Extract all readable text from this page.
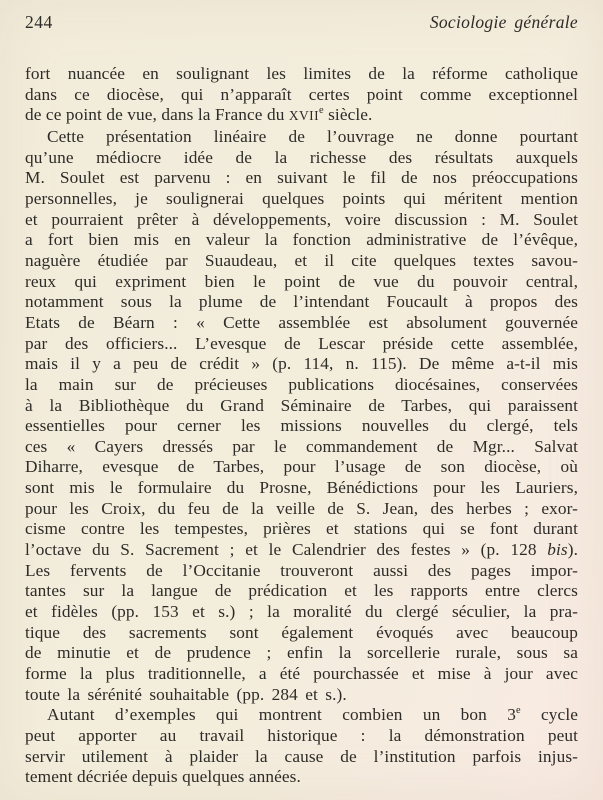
244	Sociologie générale
fort nuancée en soulignant les limites de la réforme catholique
dans ce diocèse, qui n’apparaît certes point comme exceptionnel
de ce point de vue, dans la France du XVIIe siècle.
Cette présentation linéaire de l’ouvrage ne donne pourtant
qu’une médiocre idée de la richesse des résultats auxquels
M. Soulet est parvenu : en suivant le fil de nos préoccupations
personnelles, je soulignerai quelques points qui méritent mention
et pourraient prêter à développements, voire discussion : M. Soulet
a fort bien mis en valeur la fonction administrative de l’évêque,
naguère étudiée par Suaudeau, et il cite quelques textes savou-
reux qui expriment bien le point de vue du pouvoir central,
notamment sous la plume de l’intendant Foucault à propos des
Etats de Béarn : « Cette assemblée est absolument gouvernée
par des officiers... L’evesque de Lescar préside cette assemblée,
mais il y a peu de crédit » (p. 114, n. 115). De même a-t-il mis
la main sur de précieuses publications diocésaines, conservées
à la Bibliothèque du Grand Séminaire de Tarbes, qui paraissent
essentielles pour cerner les missions nouvelles du clergé, tels
ces « Cayers dressés par le commandement de Mgr... Salvat
Diharre, evesque de Tarbes, pour l’usage de son diocèse, où
sont mis le formulaire du Prosne, Bénédictions pour les Lauriers,
pour les Croix, du feu de la veille de S. Jean, des herbes ; exor-
cisme contre les tempestes, prières et stations qui se font durant
l’octave du S. Sacrement ; et le Calendrier des festes » (p. 128 bis).
Les fervents de l’Occitanie trouveront aussi des pages impor-
tantes sur la langue de prédication et les rapports entre clercs
et fidèles (pp. 153 et s.) ; la moralité du clergé séculier, la pra-
tique des sacrements sont également évoqués avec beaucoup
de minutie et de prudence ; enfin la sorcellerie rurale, sous sa
forme la plus traditionnelle, a été pourchassée et mise à jour avec
toute la sérénité souhaitable (pp. 284 et s.).
Autant d’exemples qui montrent combien un bon 3e cycle
peut apporter au travail historique : la démonstration peut
servir utilement à plaider la cause de l’institution parfois injus-
tement décriée depuis quelques années.
